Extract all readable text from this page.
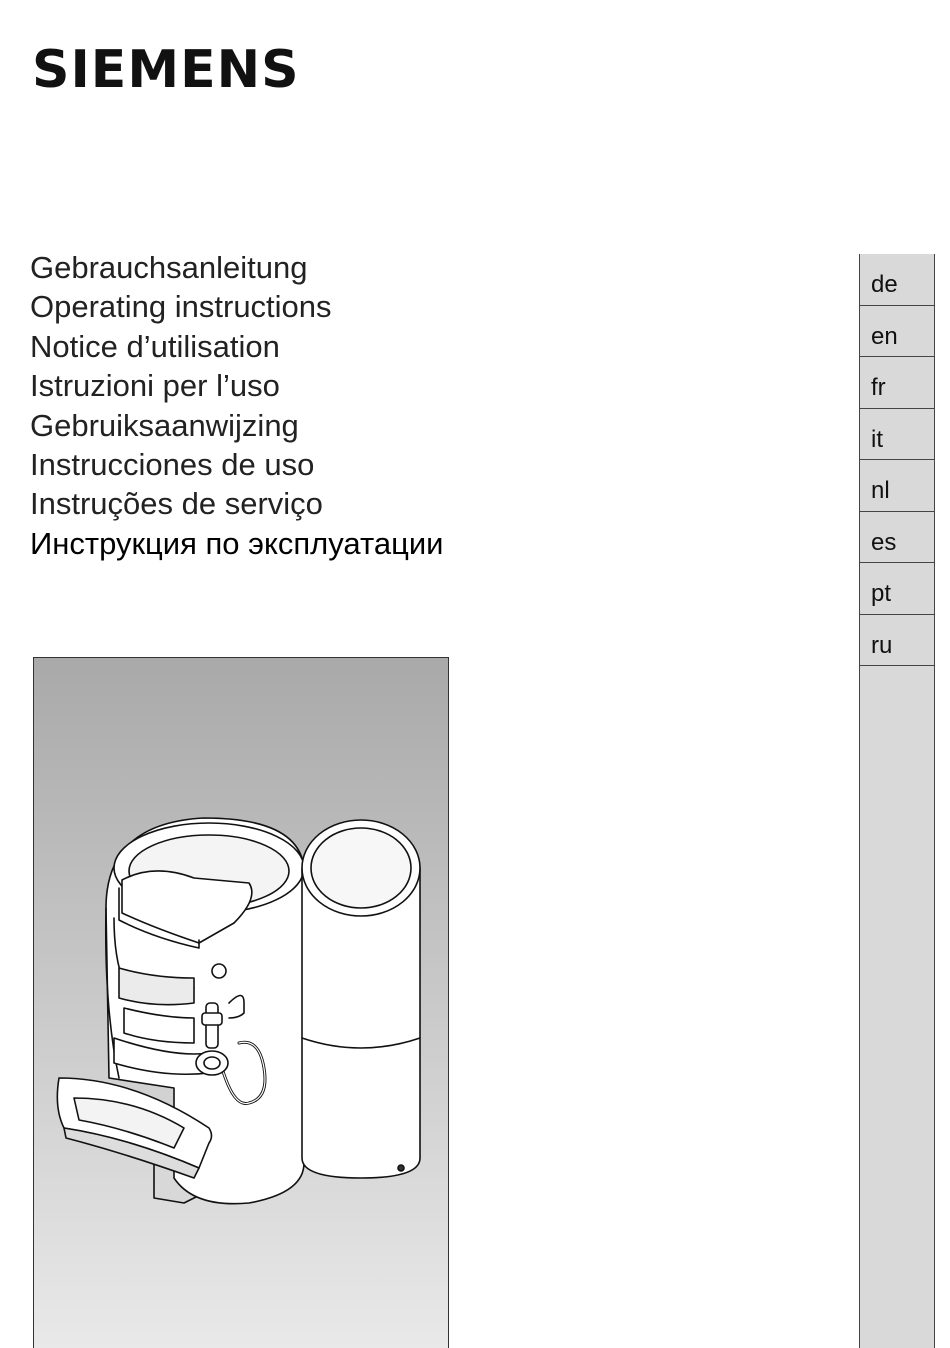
SIEMENS
Gebrauchsanleitung
Operating instructions
Notice d’utilisation
Istruzioni per l’uso
Gebruiksaanwijzing
Instrucciones de uso
Instruções de serviço
Инструкция по эксплуатации
de
en
fr
it
nl
es
pt
ru
